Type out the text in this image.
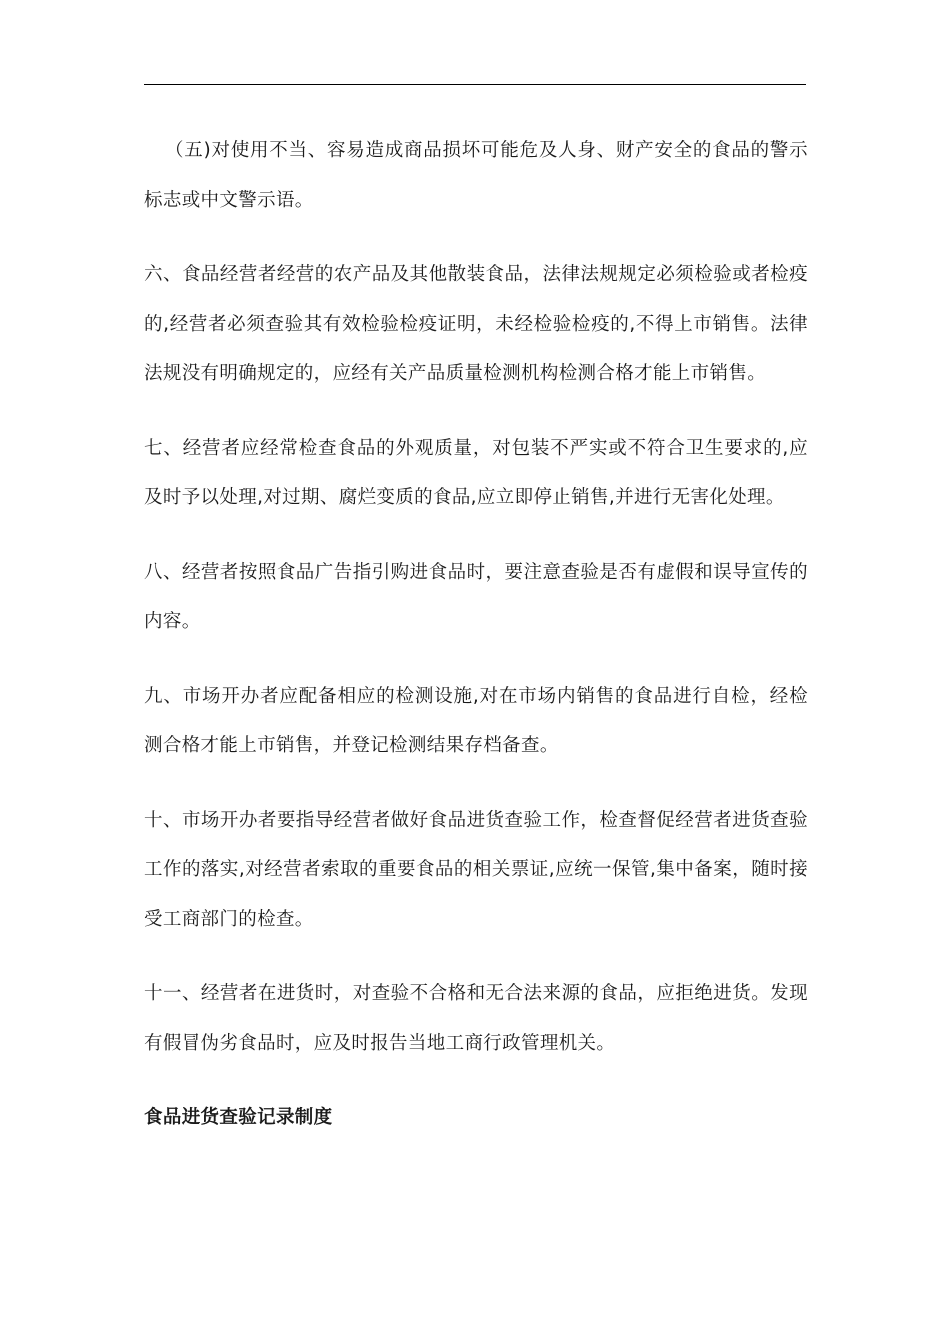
（五)对使用不当、容易造成商品损坏可能危及人身、财产安全的食品的警示标志或中文警示语。

六、食品经营者经营的农产品及其他散装食品，法律法规规定必须检验或者检疫的,经营者必须查验其有效检验检疫证明，未经检验检疫的,不得上市销售。法律法规没有明确规定的，应经有关产品质量检测机构检测合格才能上市销售。

七、经营者应经常检查食品的外观质量，对包装不严实或不符合卫生要求的,应及时予以处理,对过期、腐烂变质的食品,应立即停止销售,并进行无害化处理。

八、经营者按照食品广告指引购进食品时，要注意查验是否有虚假和误导宣传的内容。

九、市场开办者应配备相应的检测设施,对在市场内销售的食品进行自检，经检测合格才能上市销售，并登记检测结果存档备查。

十、市场开办者要指导经营者做好食品进货查验工作，检查督促经营者进货查验工作的落实,对经营者索取的重要食品的相关票证,应统一保管,集中备案，随时接受工商部门的检查。

十一、经营者在进货时，对查验不合格和无合法来源的食品，应拒绝进货。发现有假冒伪劣食品时，应及时报告当地工商行政管理机关。

食品进货查验记录制度
